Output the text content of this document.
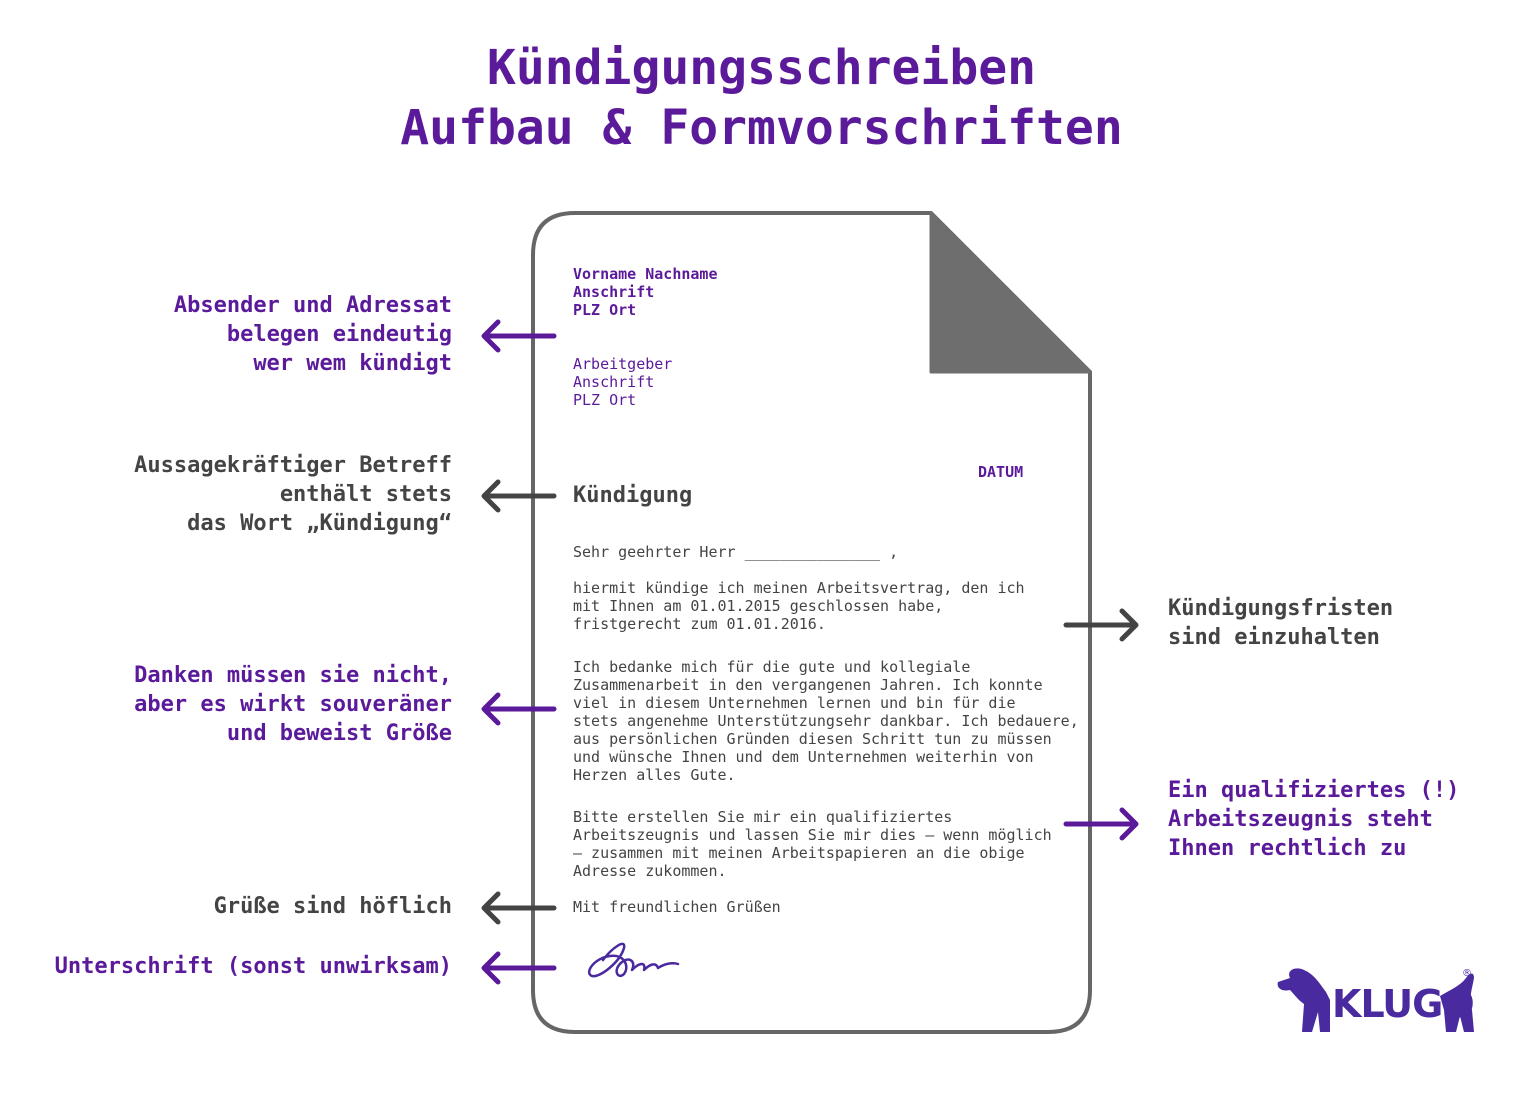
Kündigungsschreiben
Aufbau & Formvorschriften

Vorname Nachname
Anschrift
PLZ Ort

Arbeitgeber
Anschrift
PLZ Ort

DATUM

Kündigung

Sehr geehrter Herr _______________ ,

hiermit kündige ich meinen Arbeitsvertrag, den ich
mit Ihnen am 01.01.2015 geschlossen habe,
fristgerecht zum 01.01.2016.

Ich bedanke mich für die gute und kollegiale
Zusammenarbeit in den vergangenen Jahren. Ich konnte
viel in diesem Unternehmen lernen und bin für die
stets angenehme Unterstützungsehr dankbar. Ich bedauere,
aus persönlichen Gründen diesen Schritt tun zu müssen
und wünsche Ihnen und dem Unternehmen weiterhin von
Herzen alles Gute.

Bitte erstellen Sie mir ein qualifiziertes
Arbeitszeugnis und lassen Sie mir dies – wenn möglich
– zusammen mit meinen Arbeitspapieren an die obige
Adresse zukommen.

Mit freundlichen Grüßen

Absender und Adressat
belegen eindeutig
wer wem kündigt

Aussagekräftiger Betreff
enthält stets
das Wort „Kündigung“

Danken müssen sie nicht,
aber es wirkt souveräner
und beweist Größe

Grüße sind höflich

Unterschrift (sonst unwirksam)

Kündigungsfristen
sind einzuhalten

Ein qualifiziertes (!)
Arbeitszeugnis steht
Ihnen rechtlich zu

KLUGO
®
